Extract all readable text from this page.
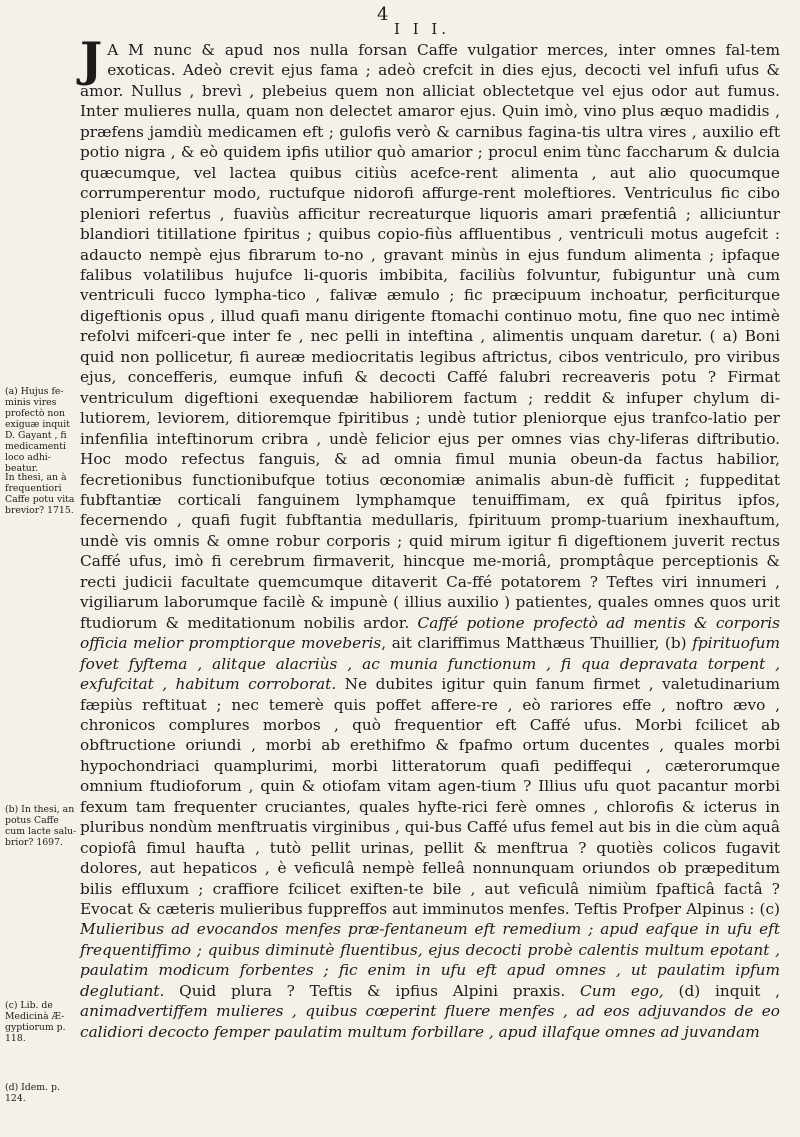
4
I I I.
(a) Hujus fe-minis vires profectò non exiguæ inquit D. Gayant , fi medicamenti loco adhi-beatur.
In thesi, an à frequentiori Caffe potu vita brevior? 1715.
(b) In thesi, an potus Caffe cum lacte salu-brior? 1697.
(c) Lib. de Medicinà Æ-gyptiorum p. 118.
(d) Idem. p. 124.

J A M nunc & apud nos nulla forsan Caffe vulgatior merces, inter omnes fal-tem exoticas. Adeò crevit ejus fama ; adeò crefcit in dies ejus, decocti vel infufi ufus & amor. Nullus , brevì , plebeius quem non alliciat oblectetque vel ejus odor aut fumus. Inter mulieres nulla, quam non delectet amaror ejus. Quin imò, vino plus æquo madidis , præfens jamdiù medicamen eft ; gulofis verò & carnibus fagina-tis ultra vires , auxilio eft potio nigra , & eò quidem ipfis utilior quò amarior ; procul enim tùnc faccharum & dulcia quæcumque, vel lactea quibus citiùs acefce-rent alimenta , aut alio quocumque corrumperentur modo, ructufque nidorofi affurge-rent moleftiores. Ventriculus fic cibo pleniori refertus , fuaviùs afficitur recreaturque liquoris amari præfentiâ ; alliciuntur blandiori titillatione fpiritus ; quibus copio-fiùs affluentibus , ventriculi motus augefcit : adaucto nempè ejus fibrarum to-no , gravant minùs in ejus fundum alimenta ; ipfaque falibus volatilibus hujufce li-quoris imbibita, faciliùs folvuntur, fubiguntur unà cum ventriculi fucco lympha-tico , falivæ æmulo ; fic præcipuum inchoatur, perficiturque digeftionis opus , illud quafi manu dirigente ftomachi continuo motu, fine quo nec intimè refolvi mifceri-que inter fe , nec pelli in inteftina , alimentis unquam daretur. ( a) Boni quid non pollicetur, fi aureæ mediocritatis legibus aftrictus, cibos ventriculo, pro viribus ejus, concefferis, eumque infufi & decocti Caffé falubri recreaveris potu ? Firmat ventriculum digeftioni exequendæ habiliorem factum ; reddit & infuper chylum di-lutiorem, leviorem, ditioremque fpiritibus ; undè tutior pleniorque ejus tranfco-latio per infenfilia inteftinorum cribra , undè felicior ejus per omnes vias chy-liferas diftributio. Hoc modo refectus fanguis, & ad omnia fimul munia obeun-da factus habilior, fecretionibus functionibufque totius œconomiæ animalis abun-dè fufficit ; fuppeditat fubftantiæ corticali fanguinem lymphamque tenuiffimam, ex quâ fpiritus ipfos, fecernendo , quafi fugit fubftantia medullaris, fpirituum promp-tuarium inexhauftum, undè vis omnis & omne robur corporis ; quid mirum igitur fi digeftionem juverit rectus Caffé ufus, imò fi cerebrum firmaverit, hincque me-moriâ, promptâque perceptionis & recti judicii facultate quemcumque ditaverit Ca-ffé potatorem ? Teftes viri innumeri , vigiliarum laborumque facilè & impunè ( illius auxilio ) patientes, quales omnes quos urit ftudiorum & meditationum nobilis ardor. Caffé potione profectò ad mentis & corporis officia melior promptiorque moveberis, ait clariffimus Matthæus Thuillier, (b) fpirituofum fovet fyftema , alitque alacriùs , ac munia functionum , fi qua depravata torpent , exfufcitat , habitum corroborat. Ne dubites igitur quin fanum firmet , valetudinarium fæpiùs reftituat ; nec temerè quis poffet affere-re , eò rariores effe , noftro ævo , chronicos complures morbos , quò frequentior eft Caffé ufus. Morbi fcilicet ab obftructione oriundi , morbi ab erethifmo & fpafmo ortum ducentes , quales morbi hypochondriaci quamplurimi, morbi litteratorum quafi pediffequi , cæterorumque omnium ftudioforum , quin & otiofam vitam agen-tium ? Illius ufu quot pacantur morbi fexum tam frequenter cruciantes, quales hyfte-rici ferè omnes , chlorofis & icterus in pluribus nondùm menftruatis virginibus , qui-bus Caffé ufus femel aut bis in die cùm aquâ copiofâ fimul haufta , tutò pellit urinas, pellit & menftrua ? quotiès colicos fugavit dolores, aut hepaticos , è veficulâ nempè felleâ nonnunquam oriundos ob præpeditum bilis effluxum ; craffiore fcilicet exiften-te bile , aut veficulâ nimiùm fpafticâ factâ ? Evocat & cæteris mulieribus fuppreffos aut imminutos menfes. Teftis Profper Alpinus : (c) Mulieribus ad evocandos menfes præ-fentaneum eft remedium ; apud eafque in ufu eft frequentiffimo ; quibus diminutè fluentibus, ejus decocti probè calentis multum epotant , paulatim modicum forbentes ; fic enim in ufu eft apud omnes , ut paulatim ipfum deglutiant. Quid plura ? Teftis & ipfius Alpini praxis. Cum ego, (d) inquit , animadvertiffem mulieres , quibus cœperint fluere menfes , ad eos adjuvandos de eo calidiori decocto femper paulatim multum forbillare , apud illafque omnes ad juvandam
